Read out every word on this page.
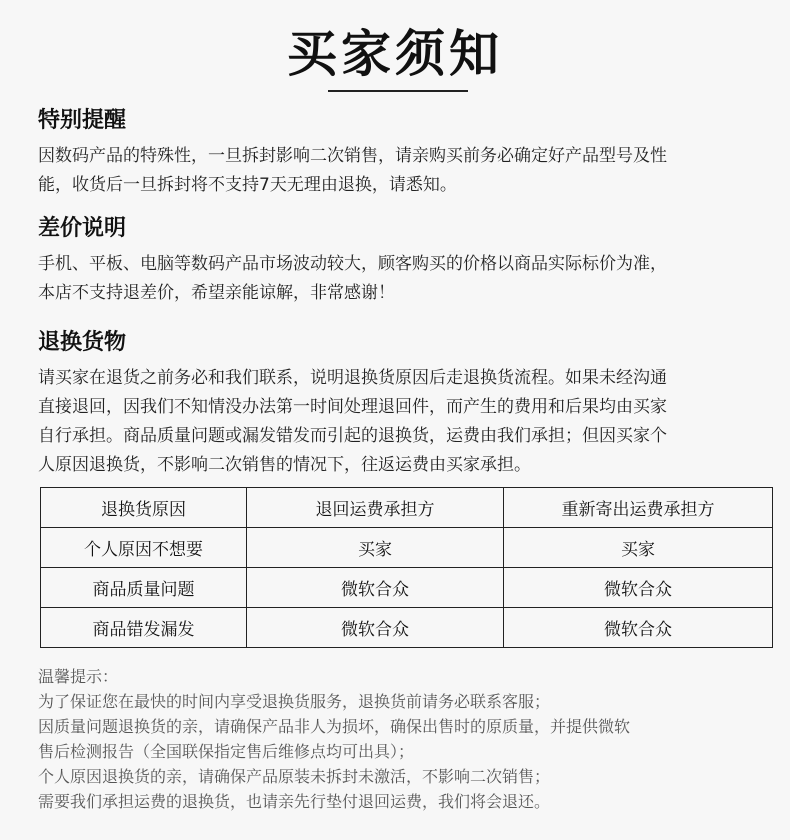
买家须知
特别提醒
因数码产品的特殊性，一旦拆封影响二次销售，请亲购买前务必确定好产品型号及性
能，收货后一旦拆封将不支持7天无理由退换，请悉知。
差价说明
手机、平板、电脑等数码产品市场波动较大，顾客购买的价格以商品实际标价为准，
本店不支持退差价，希望亲能谅解，非常感谢！
退换货物
请买家在退货之前务必和我们联系，说明退换货原因后走退换货流程。如果未经沟通
直接退回，因我们不知情没办法第一时间处理退回件，而产生的费用和后果均由买家
自行承担。商品质量问题或漏发错发而引起的退换货，运费由我们承担；但因买家个
人原因退换货，不影响二次销售的情况下，往返运费由买家承担。
退换货原因	退回运费承担方	重新寄出运费承担方
个人原因不想要	买家	买家
商品质量问题	微软合众	微软合众
商品错发漏发	微软合众	微软合众

温馨提示：

为了保证您在最快的时间内享受退换货服务，退换货前请务必联系客服；

因质量问题退换货的亲，请确保产品非人为损坏，确保出售时的原质量，并提供微软

售后检测报告（全国联保指定售后维修点均可出具）；

个人原因退换货的亲，请确保产品原装未拆封未激活，不影响二次销售；

需要我们承担运费的退换货，也请亲先行垫付退回运费，我们将会退还。
